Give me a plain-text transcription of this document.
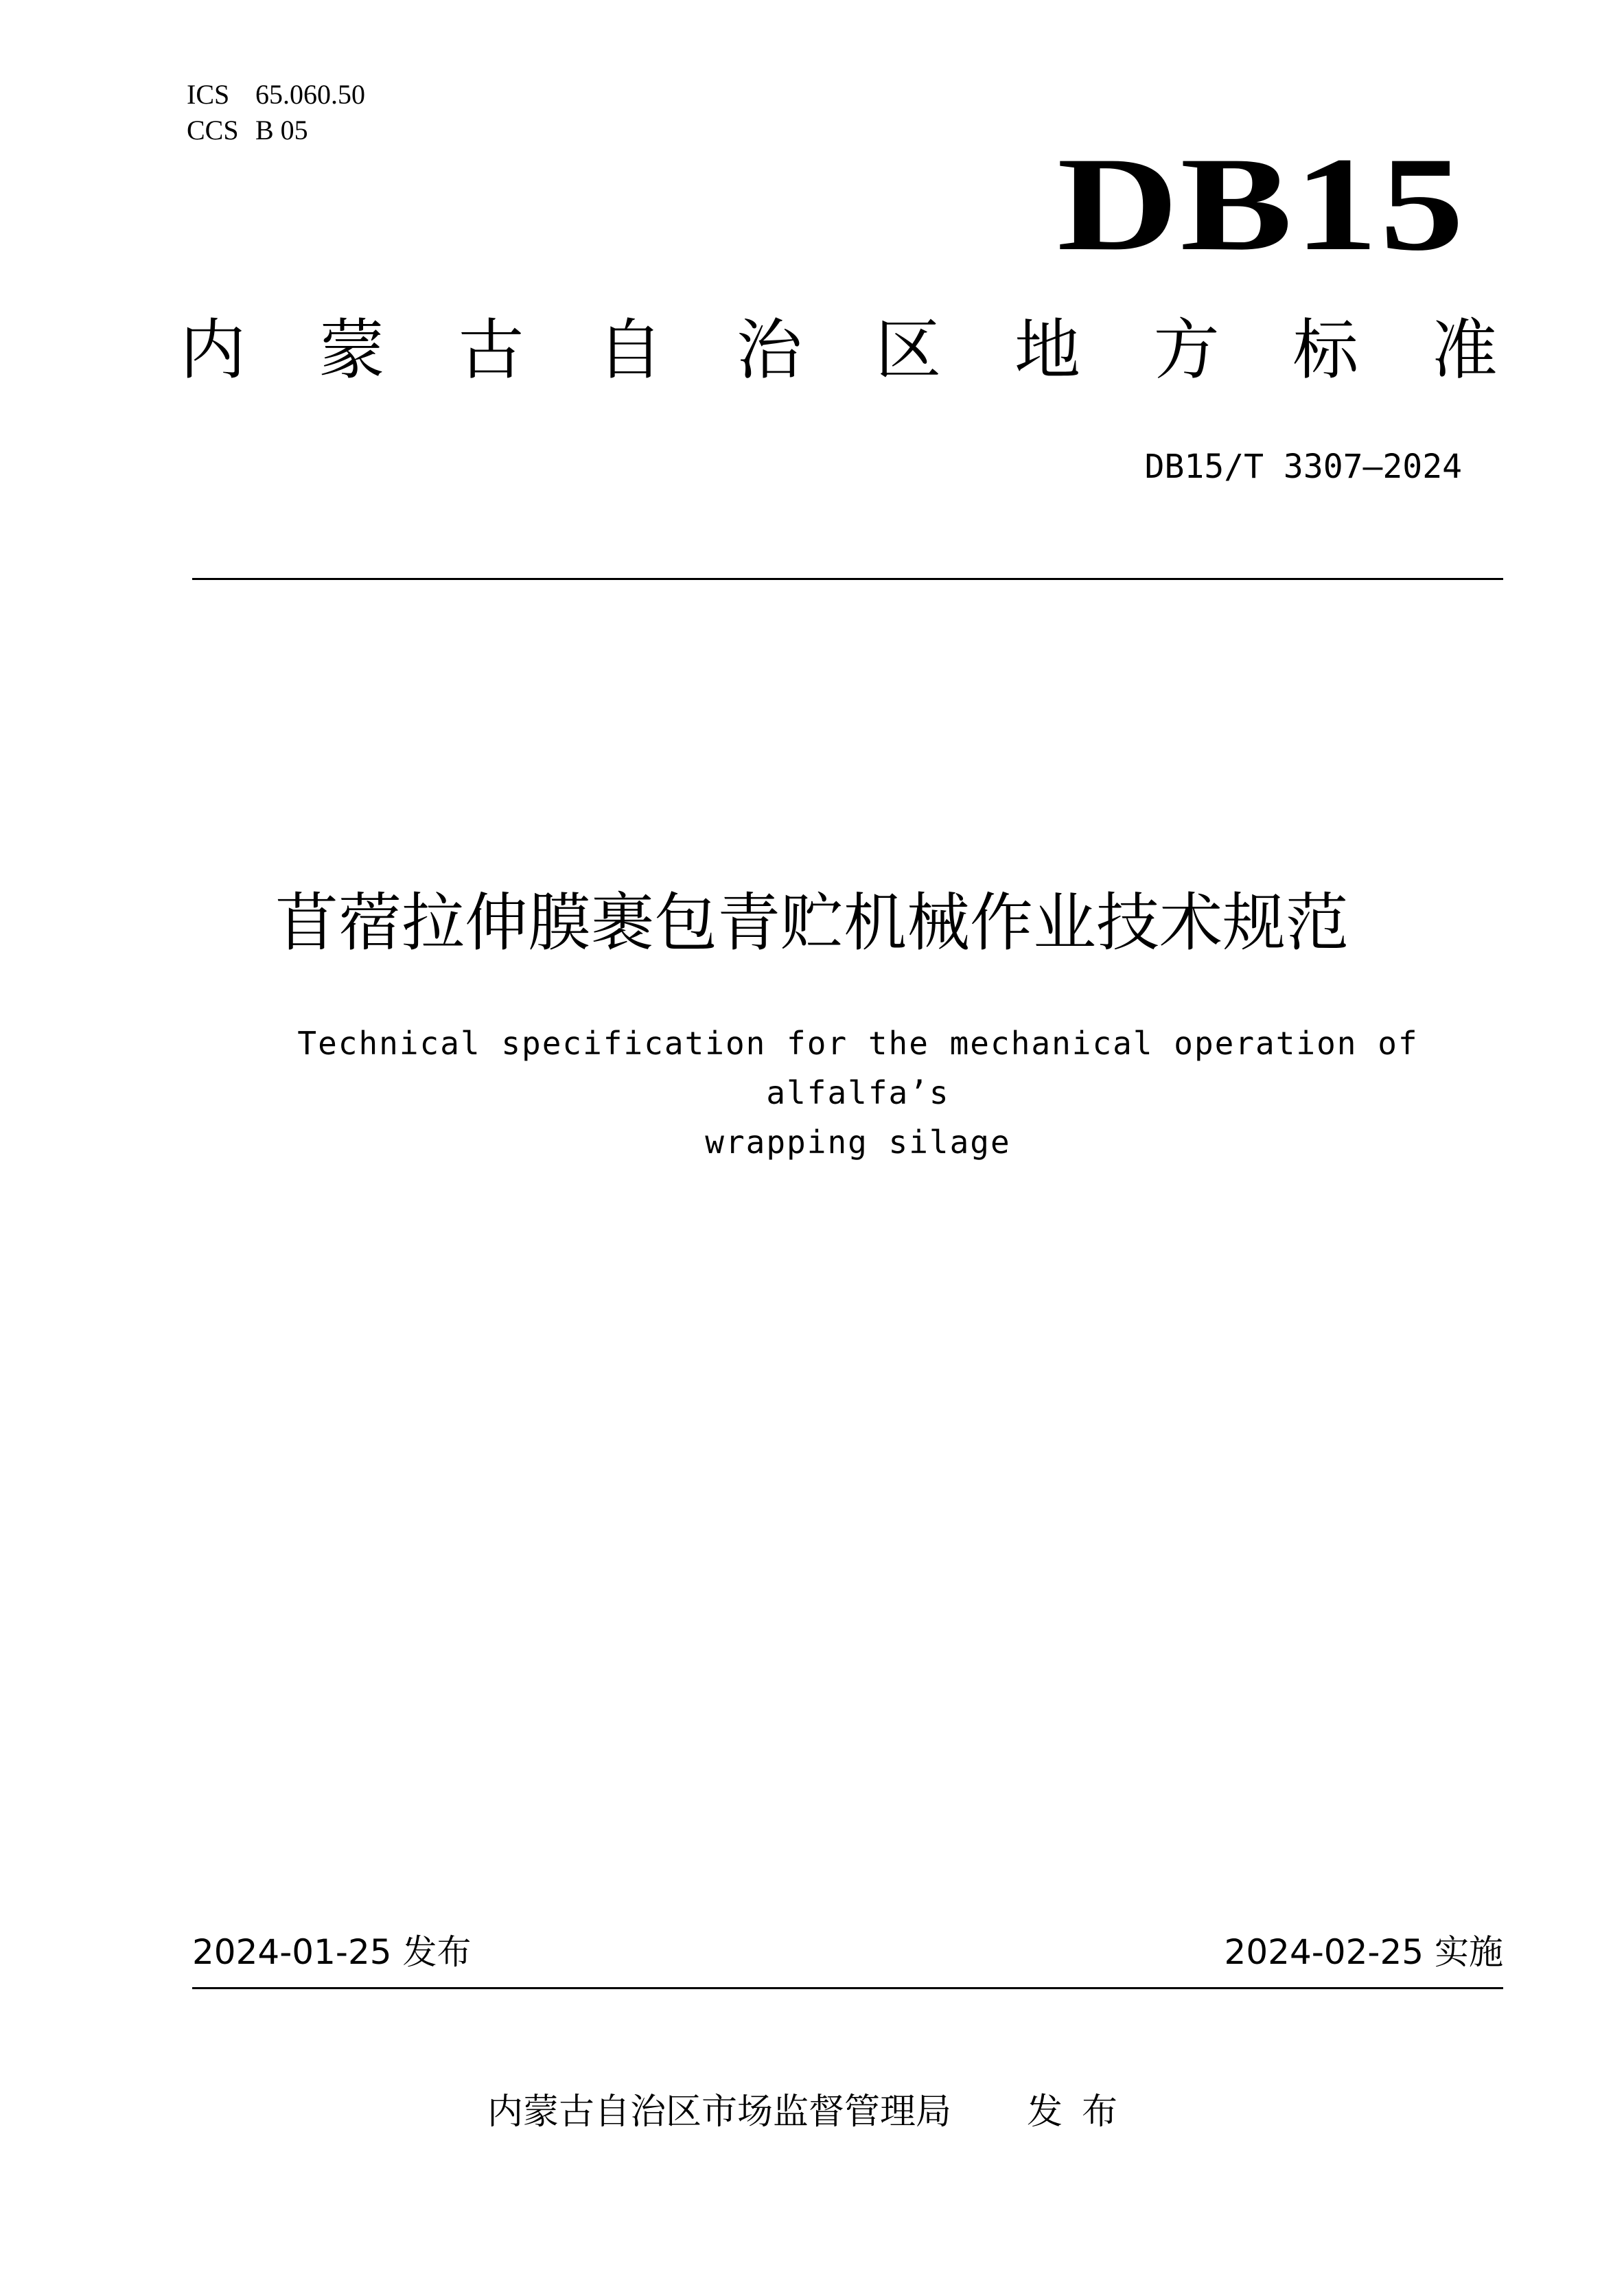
ICS 65.060.50
CCS B 05	DB15
内 蒙 古 自 治 区 地 方 标 准
DB15/T 3307—2024
苜蓿拉伸膜裹包青贮机械作业技术规范
Technical specification for the mechanical operation of alfalfa’s
wrapping silage
2024-01-25 发布	2024-02-25 实施
内蒙古自治区市场监督管理局 发布
